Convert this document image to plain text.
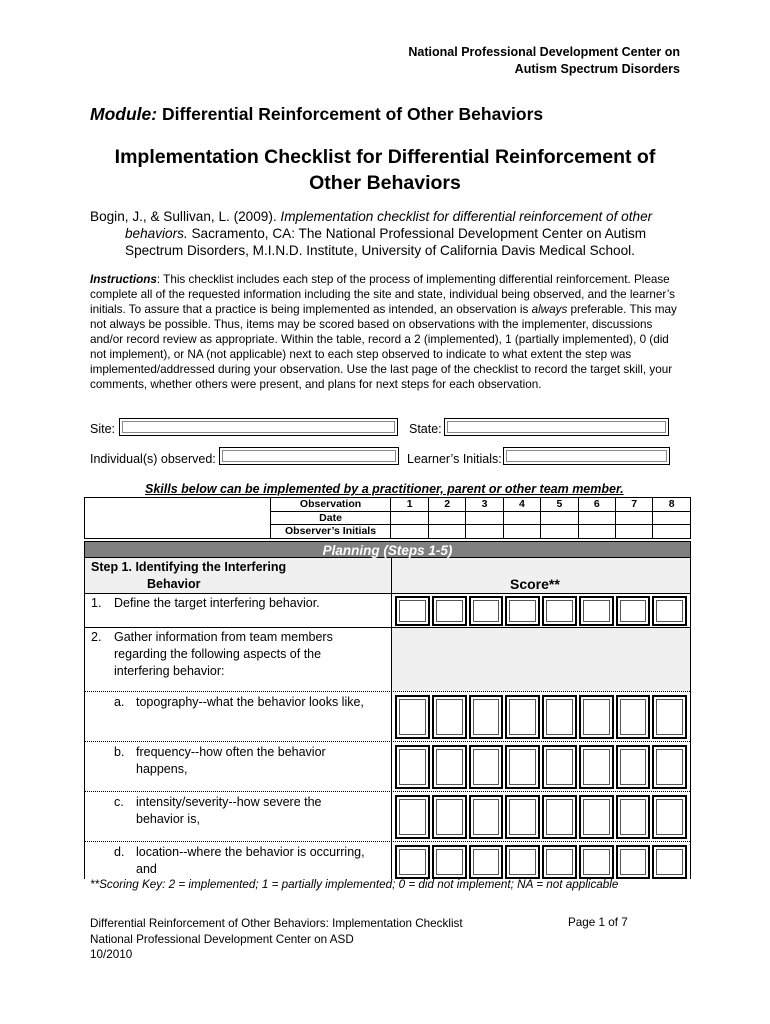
National Professional Development Center on
Autism Spectrum Disorders
Module: Differential Reinforcement of Other Behaviors
Implementation Checklist for Differential Reinforcement of
Other Behaviors
Bogin, J., & Sullivan, L. (2009). Implementation checklist for differential reinforcement of other behaviors. Sacramento, CA: The National Professional Development Center on Autism Spectrum Disorders, M.I.N.D. Institute, University of California Davis Medical School.
Instructions: This checklist includes each step of the process of implementing differential reinforcement. Please complete all of the requested information including the site and state, individual being observed, and the learner’s initials. To assure that a practice is being implemented as intended, an observation is always preferable. This may not always be possible. Thus, items may be scored based on observations with the implementer, discussions and/or record review as appropriate. Within the table, record a 2 (implemented), 1 (partially implemented), 0 (did not implement), or NA (not applicable) next to each step observed to indicate to what extent the step was implemented/addressed during your observation. Use the last page of the checklist to record the target skill, your comments, whether others were present, and plans for next steps for each observation.
Site:	State:
Individual(s) observed:	Learner’s Initials:
Skills below can be implemented by a practitioner, parent or other team member.
	Observation	1	2	3	4	5	6	7	8
	Date								
	Observer’s Initials								
Planning (Steps 1-5)
Step 1. Identifying the Interfering
Behavior	Score**
1. Define the target interfering behavior.
2. Gather information from team members regarding the following aspects of the interfering behavior:
a. topography--what the behavior looks like,
b. frequency--how often the behavior happens,
c. intensity/severity--how severe the behavior is,
d. location--where the behavior is occurring, and
**Scoring Key: 2 = implemented; 1 = partially implemented; 0 = did not implement; NA = not applicable
Differential Reinforcement of Other Behaviors: Implementation Checklist
National Professional Development Center on ASD
10/2010
Page 1 of 7
